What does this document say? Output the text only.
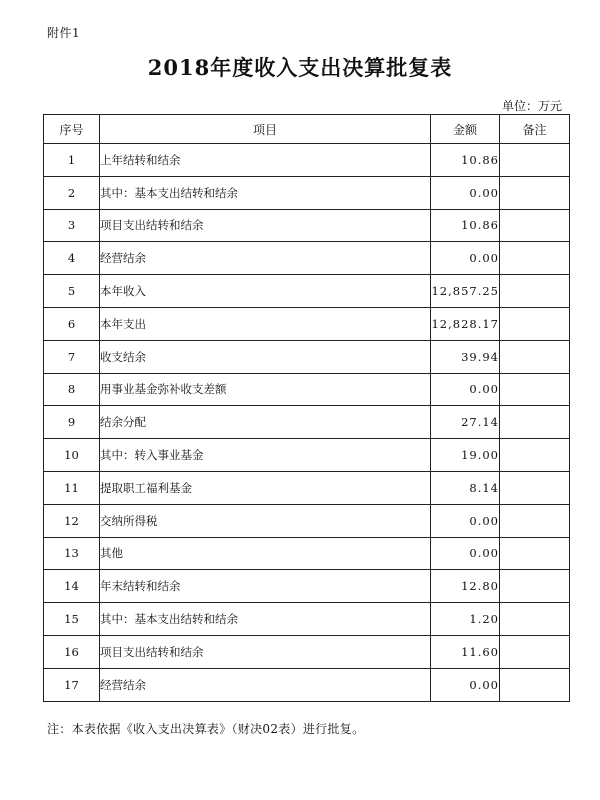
附件1
2018年度收入支出决算批复表
单位：万元
序号	项目	金额	备注
1	上年结转和结余	10.86	
2	其中：基本支出结转和结余	0.00	
3	项目支出结转和结余	10.86	
4	经营结余	0.00	
5	本年收入	12,857.25	
6	本年支出	12,828.17	
7	收支结余	39.94	
8	用事业基金弥补收支差额	0.00	
9	结余分配	27.14	
10	其中：转入事业基金	19.00	
11	提取职工福利基金	8.14	
12	交纳所得税	0.00	
13	其他	0.00	
14	年末结转和结余	12.80	
15	其中：基本支出结转和结余	1.20	
16	项目支出结转和结余	11.60	
17	经营结余	0.00	
注：本表依据《收入支出决算表》（财决02表）进行批复。
